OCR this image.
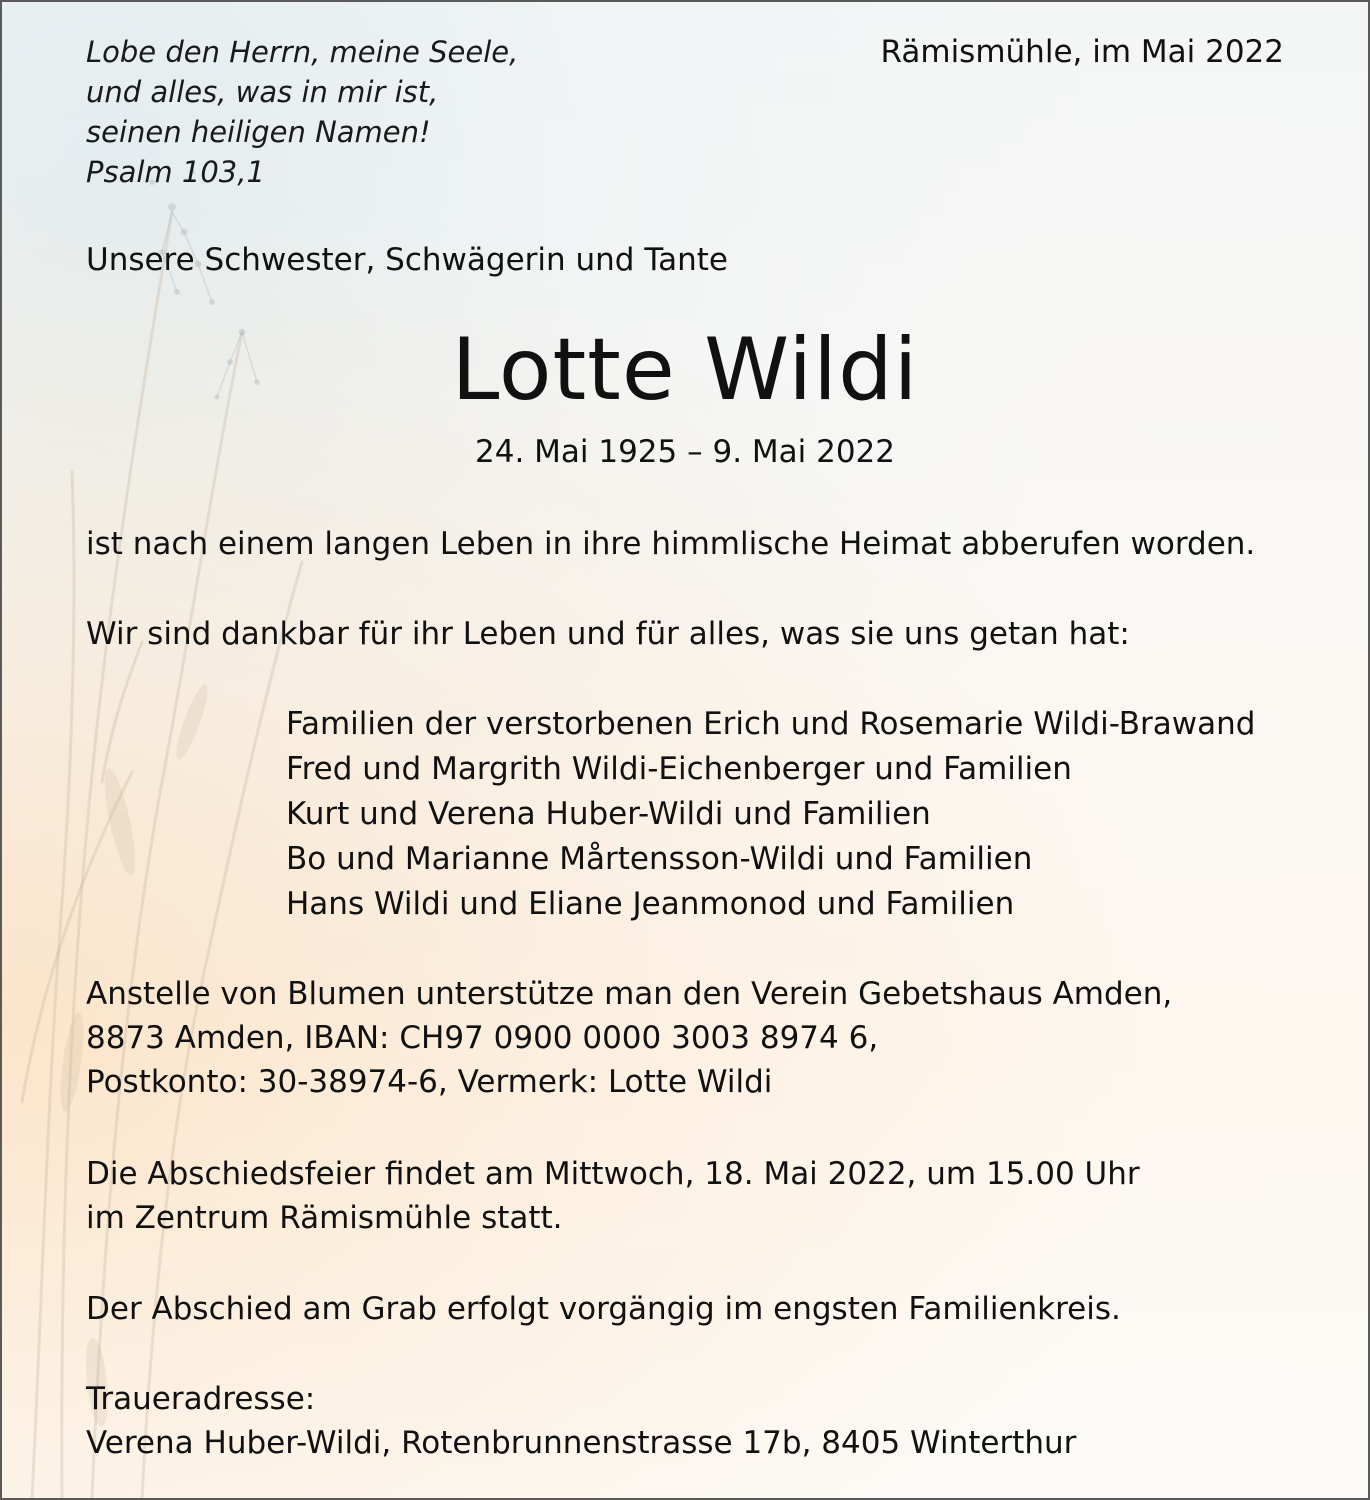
Lobe den Herrn, meine Seele,
und alles, was in mir ist,
seinen heiligen Namen!
Psalm 103,1
Rämismühle, im Mai 2022
Unsere Schwester, Schwägerin und Tante
Lotte Wildi
24. Mai 1925 – 9. Mai 2022
ist nach einem langen Leben in ihre himmlische Heimat abberufen worden.
Wir sind dankbar für ihr Leben und für alles, was sie uns getan hat:
Familien der verstorbenen Erich und Rosemarie Wildi-Brawand
Fred und Margrith Wildi-Eichenberger und Familien
Kurt und Verena Huber-Wildi und Familien
Bo und Marianne Mårtensson-Wildi und Familien
Hans Wildi und Eliane Jeanmonod und Familien
Anstelle von Blumen unterstütze man den Verein Gebetshaus Amden,
8873 Amden, IBAN: CH97 0900 0000 3003 8974 6,
Postkonto: 30-38974-6, Vermerk: Lotte Wildi
Die Abschiedsfeier findet am Mittwoch, 18. Mai 2022, um 15.00 Uhr
im Zentrum Rämismühle statt.
Der Abschied am Grab erfolgt vorgängig im engsten Familienkreis.
Traueradresse:
Verena Huber-Wildi, Rotenbrunnenstrasse 17b, 8405 Winterthur
